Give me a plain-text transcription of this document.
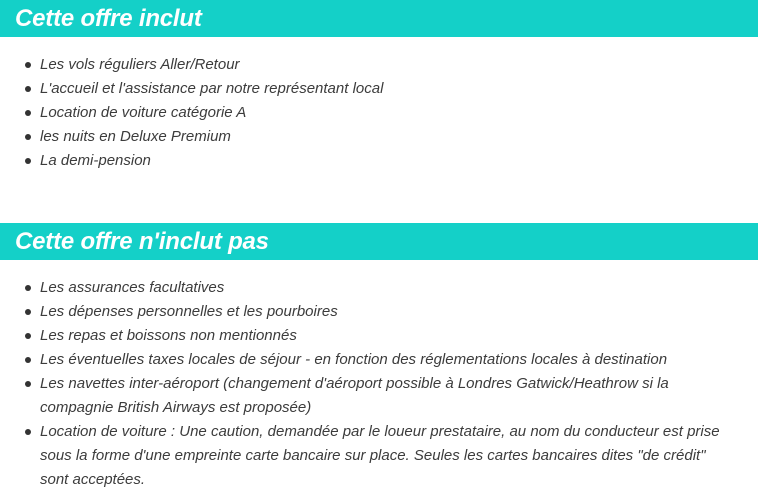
Cette offre inclut
Les vols réguliers Aller/Retour
L'accueil et l'assistance par notre représentant local
Location de voiture catégorie A
les nuits en Deluxe Premium
La demi-pension
Cette offre n'inclut pas
Les assurances facultatives
Les dépenses personnelles et les pourboires
Les repas et boissons non mentionnés
Les éventuelles taxes locales de séjour - en fonction des réglementations locales à destination
Les navettes inter-aéroport (changement d'aéroport possible à Londres Gatwick/Heathrow si la compagnie British Airways est proposée)
Location de voiture : Une caution, demandée par le loueur prestataire, au nom du conducteur est prise sous la forme d'une empreinte carte bancaire sur place. Seules les cartes bancaires dites "de crédit" sont acceptées.
